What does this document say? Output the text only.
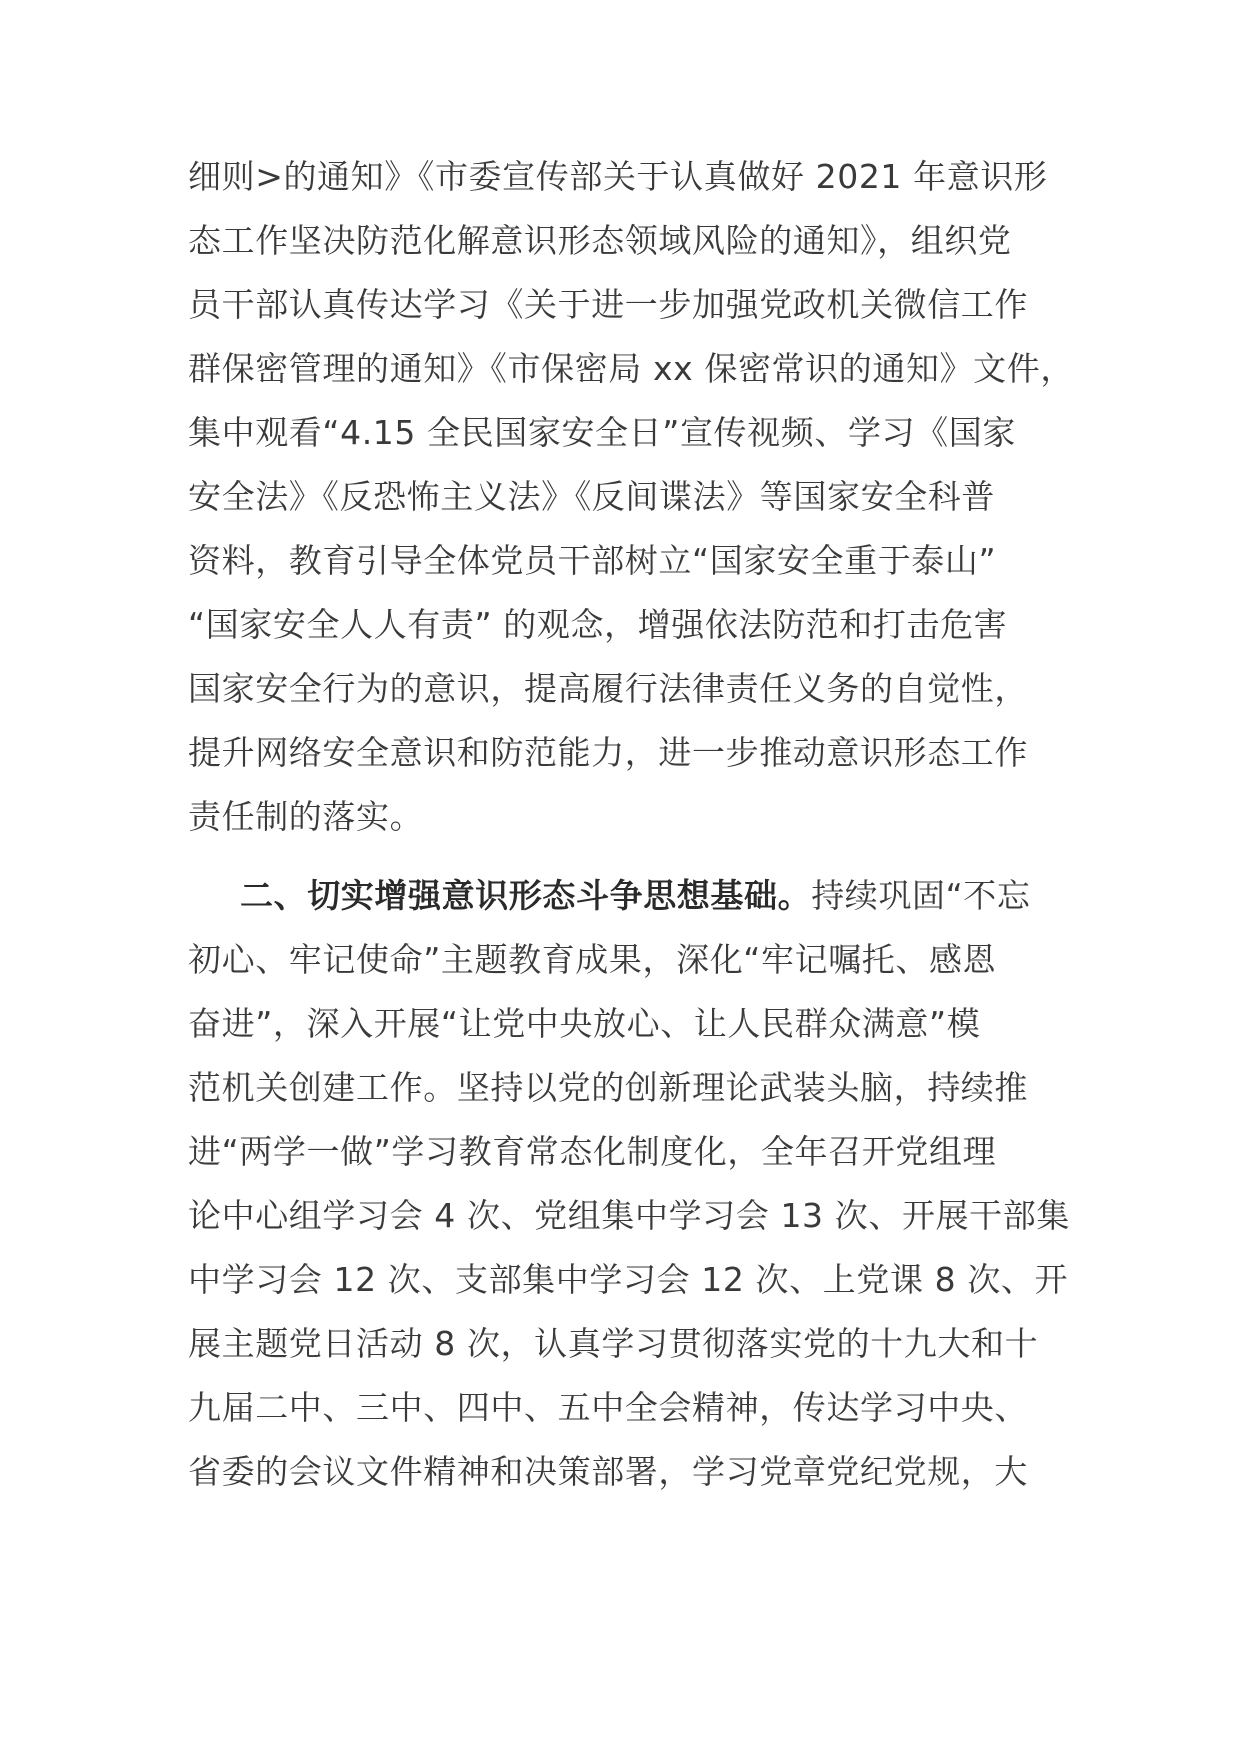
细则>的通知》《市委宣传部关于认真做好 2021 年意识形
态工作坚决防范化解意识形态领域风险的通知》，组织党
员干部认真传达学习《关于进一步加强党政机关微信工作
群保密管理的通知》《市保密局 xx 保密常识的通知》文件，
集中观看“4.15 全民国家安全日”宣传视频、学习《国家
安全法》《反恐怖主义法》《反间谍法》等国家安全科普
资料，教育引导全体党员干部树立“国家安全重于泰山”
“国家安全人人有责” 的观念，增强依法防范和打击危害
国家安全行为的意识，提高履行法律责任义务的自觉性，
提升网络安全意识和防范能力，进一步推动意识形态工作
责任制的落实。
二、切实增强意识形态斗争思想基础。持续巩固“不忘
初心、牢记使命”主题教育成果，深化“牢记嘱托、感恩
奋进”，深入开展“让党中央放心、让人民群众满意”模
范机关创建工作。坚持以党的创新理论武装头脑，持续推
进“两学一做”学习教育常态化制度化，全年召开党组理
论中心组学习会 4 次、党组集中学习会 13 次、开展干部集
中学习会 12 次、支部集中学习会 12 次、上党课 8 次、开
展主题党日活动 8 次，认真学习贯彻落实党的十九大和十
九届二中、三中、四中、五中全会精神，传达学习中央、
省委的会议文件精神和决策部署，学习党章党纪党规，大
